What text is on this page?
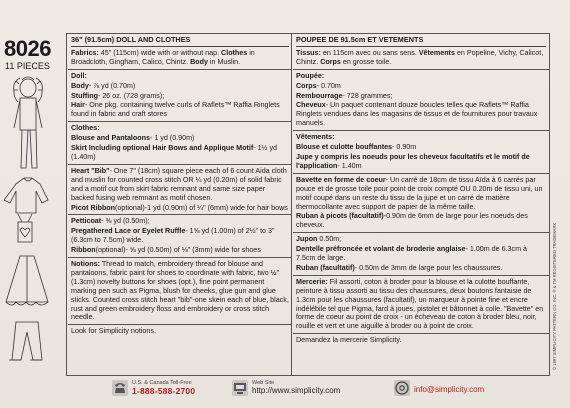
8026
11 PIECES
36" (91.5cm) DOLL AND CLOTHES
Fabrics: 45" (115cm) wide with or without nap. Clothes in Broadcloth, Gingham, Calico, Chintz. Body in Muslin.
Doll:
Body- ⅞ yd (0.70m)
Stuffing- 26 oz. (728 grams);
Hair- One pkg. containing twelve curls of Raflets™ Raffia Ringlets found in fabric and craft stores
Clothes:
Blouse and Pantaloons- 1 yd (0.90m)
Skirt Including optional Hair Bows and Applique Motif- 1½ yd (1.40m)
Heart "Bib"- One 7" (18cm) square piece each of 6 count Aida cloth and muslin for counted cross stitch OR ¼ yd (0.20m) of solid fabric and a motif cut from skirt fabric remnant and same size paper backed fusing web remnant as motif chosen.
Picot Ribbon(optional)-1 yd (0.90m) of ¼" (6mm) wide for hair bows
Petticoat- ⅜ yd (0.50m);
Pregathered Lace or Eyelet Ruffle- 1⅝ yd (1.00m) of 2½" to 3" (6.3cm to 7.5cm) wide.
Ribbon(optional)- ⅝ yd (0.50m) of ⅛" (3mm) wide for shoes
Notions: Thread to match, embroidery thread for blouse and pantaloons, fabric paint for shoes to coordinate with fabric, two ½" (1.3cm) novelty buttons for shoes (opt.), fine point permanent marking pen such as Pigma, blush for cheeks, glue gun and glue sticks. Counted cross stitch heart "bib"-one skein each of blue, black, rust and green embroidery floss and embroidery or cross stitch needle.
Look for Simplicity notions.
POUPEE DE 91.5cm ET VETEMENTS
Tissus: en 115cm avec ou sans sens. Vêtements en Popeline, Vichy, Calicot, Chintz. Corps en grosse toile.
Poupée:
Corps- 0.70m
Rembourrage- 728 grammes;
Cheveux- Un paquet contenant douze boucles telles que Raflets™ Raffia Ringlets vendues dans les magasins de tissus et de fournitures pour travaux manuels.
Vêtements:
Blouse et culotte bouffantes- 0.90m
Jupe y compris les noeuds pour les cheveux facultatifs et le motif de l'application- 1.40m
Bavette en forme de coeur- Un carré de 18cm de tissu Aïda à 6 carrés par pouce et de grosse toile pour point de croix compté OU 0.20m de tissu uni, un motif coupé dans un reste du tissu de la jupe et un carré de matière thermocollante avec support de papier de la même taille.
Ruban à picots (facultatif)-0.90m de 6mm de large pour les noeuds des cheveux.
Jupon 0.50m;
Dentelle préfroncée et volant de broderie anglaise- 1.00m de 6.3cm à 7.5cm de large.
Ruban (facultatif)- 0.50m de 3mm de large pour les chaussures.
Mercerie: Fil assorti, coton à broder pour la blouse et la culotte bouffante, peinture à tissu assorti au tissu des chaussures, deux boutons fantaisie de 1.3cm pour les chaussures (facultatif), un marqueur à pointe fine et encre indélébile tel que Pigma, fard à joues, pistolet et bâtonnet à colle. "Bavette" en forme de coeur au point de croix - un écheveau de coton à broder bleu, noir, rouille et vert et une aiguille à broder ou à point de croix.
Demandez la mercerie Simplicity.	© 1997 SIMPLICITY PATTERN CO. INC. ® & TM REGISTERED TRADEMARK
U.S. & Canada Toll-Free
1-888-588-2700
Web Site
http://www.simplicity.com	info@simplicity.com
